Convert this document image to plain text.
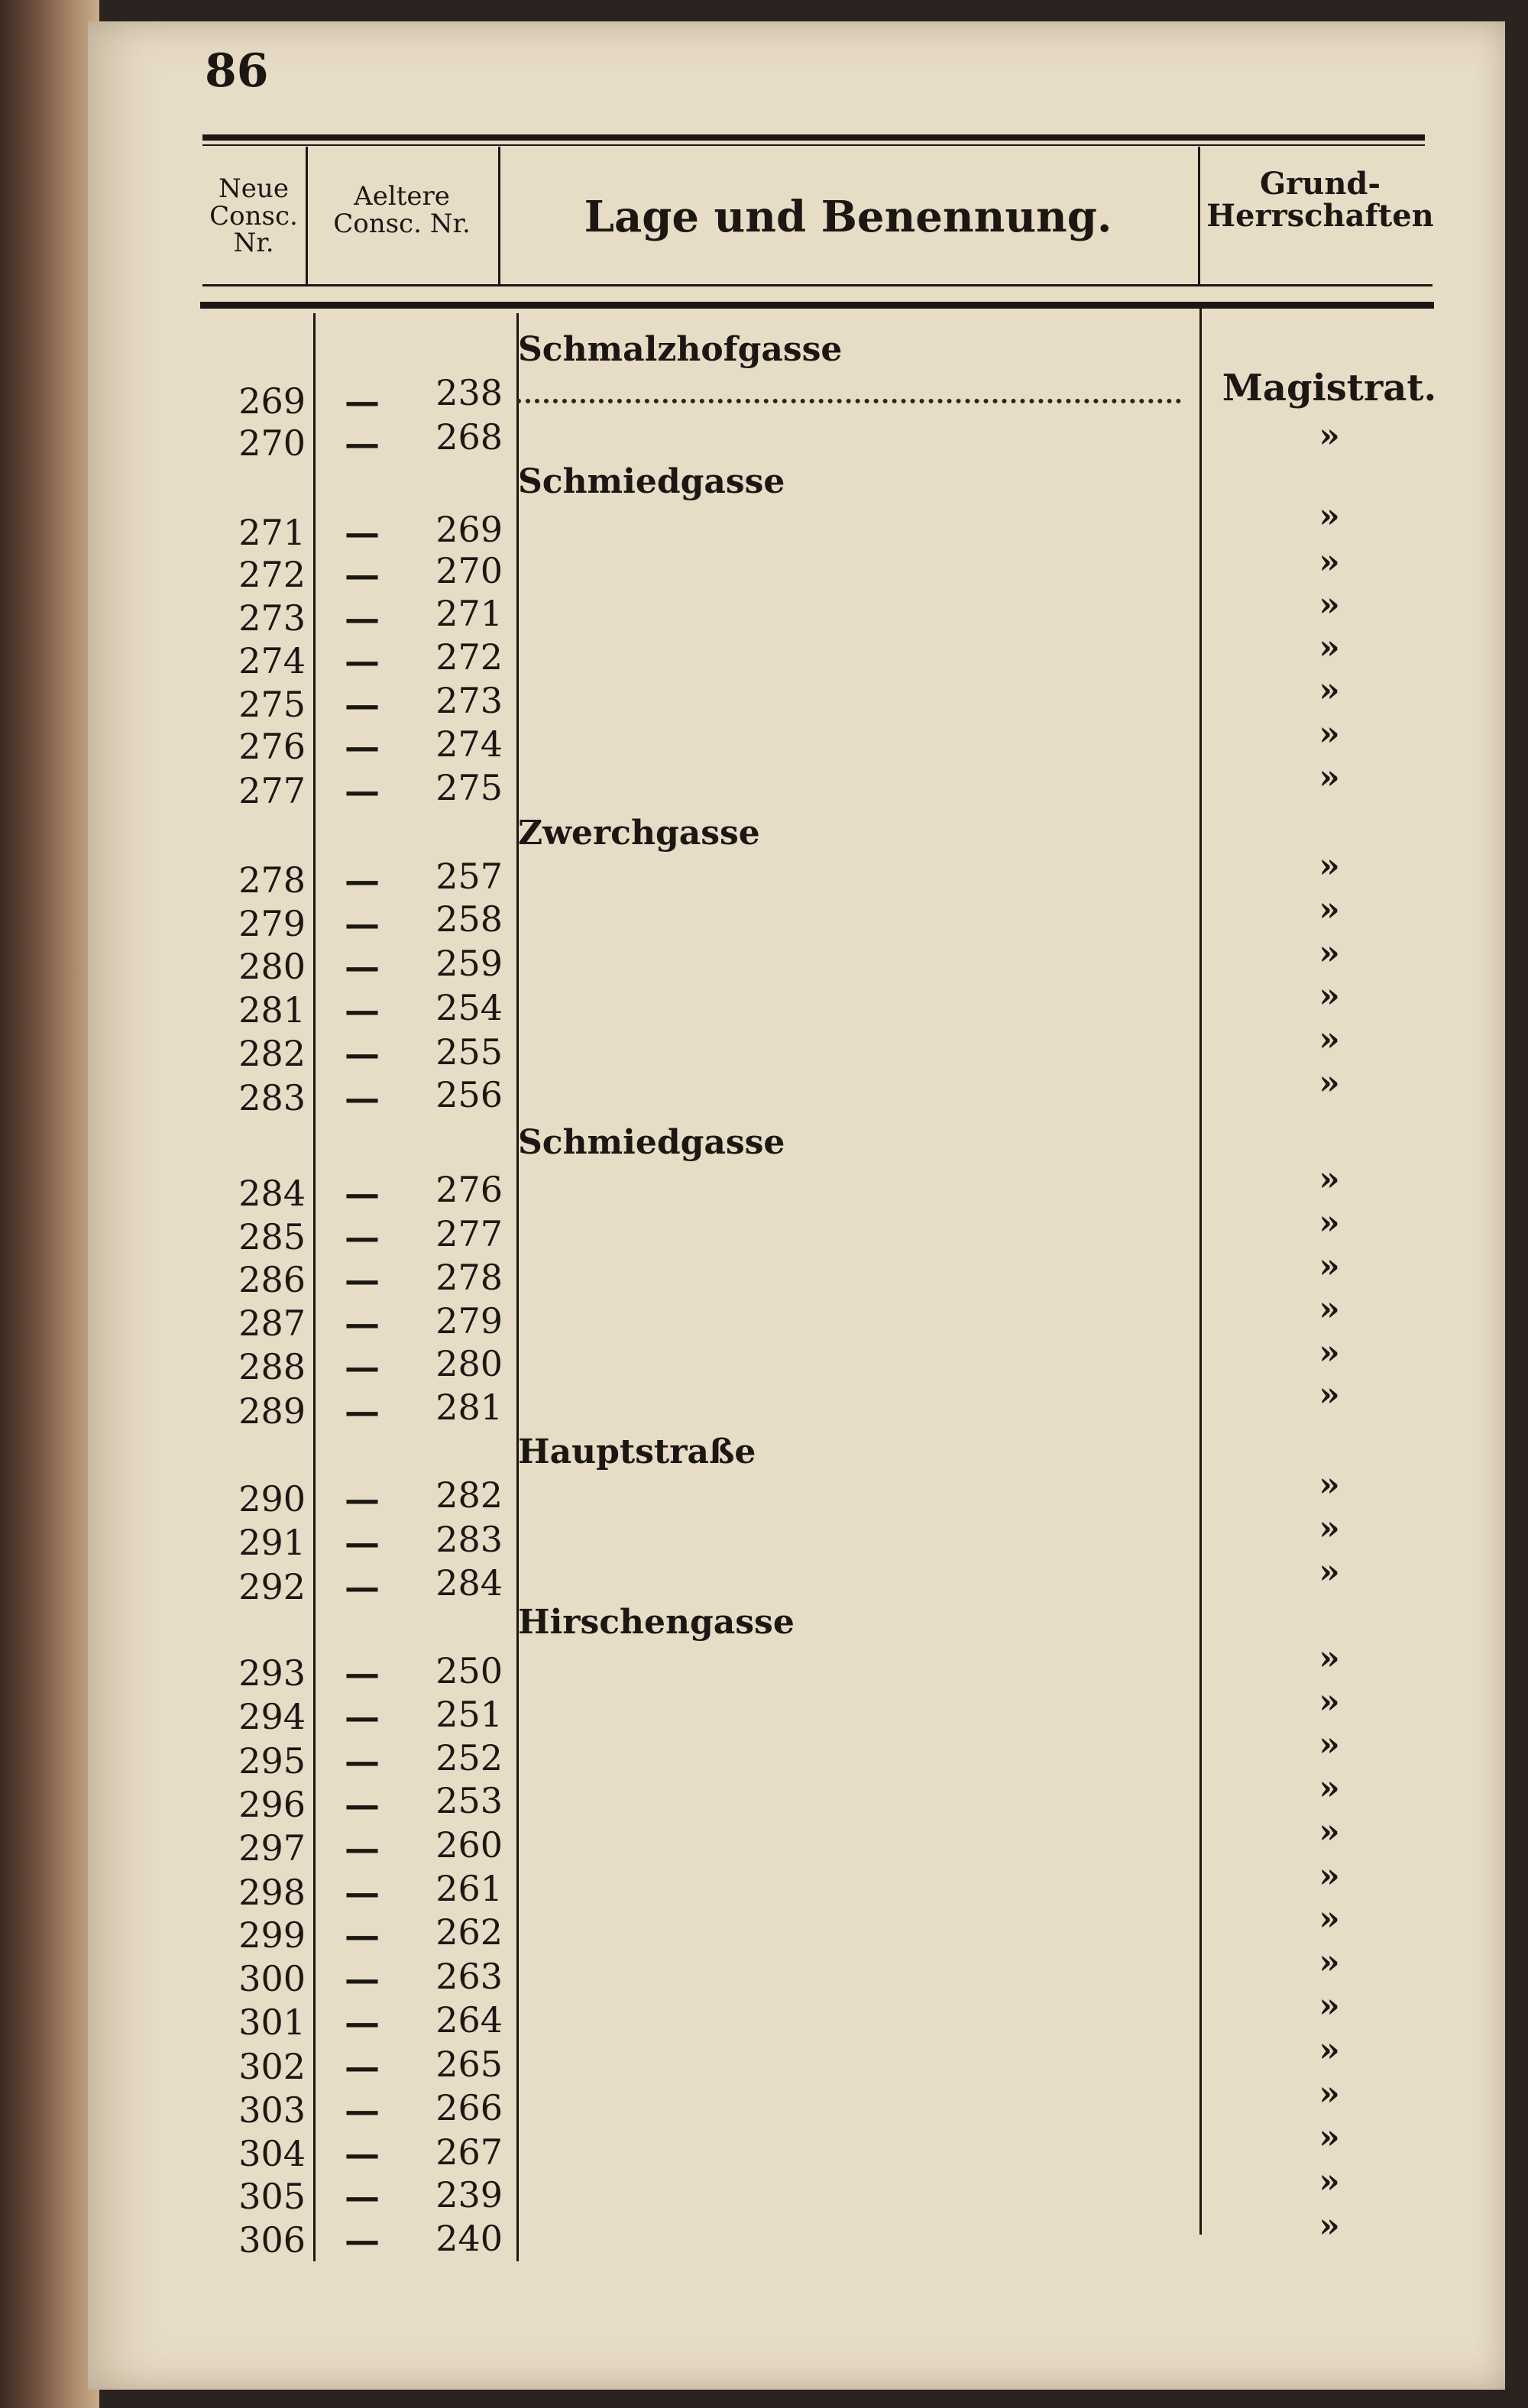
86
Neue Consc. Nr.
Aeltere Consc. Nr.	Lage und Benennung.
Grund-Herrschaften
Schmalzhofgasse
269 —	238	Magistrat.
270 —	268	»
Schmiedgasse
271 —	269	»
272 —	270	»
273 —	271	»
274 —	272	»
275 —	273	»
276 —	274	»
277 —	275	»
Zwerchgasse
278 —	257	»
279 —	258	»
280 —	259	»
281 —	254	»
282 —	255	»
283 —	256	»
Schmiedgasse
284 —	276	»
285 —	277	»
286 —	278	»
287 —	279	»
288 —	280	»
289 —	281	»
Hauptstraße
290 —	282	»
291 —	283	»
292 —	284	»
Hirschengasse
293 —	250	»
294 —	251	»
295 —	252	»
296 —	253	»
297 —	260	»
298 —	261	»
299 —	262	»
300 —	263	»
301 —	264	»
302 —	265	»
303 —	266	»
304 —	267	»
305 —	239	»
306 —	240	»
